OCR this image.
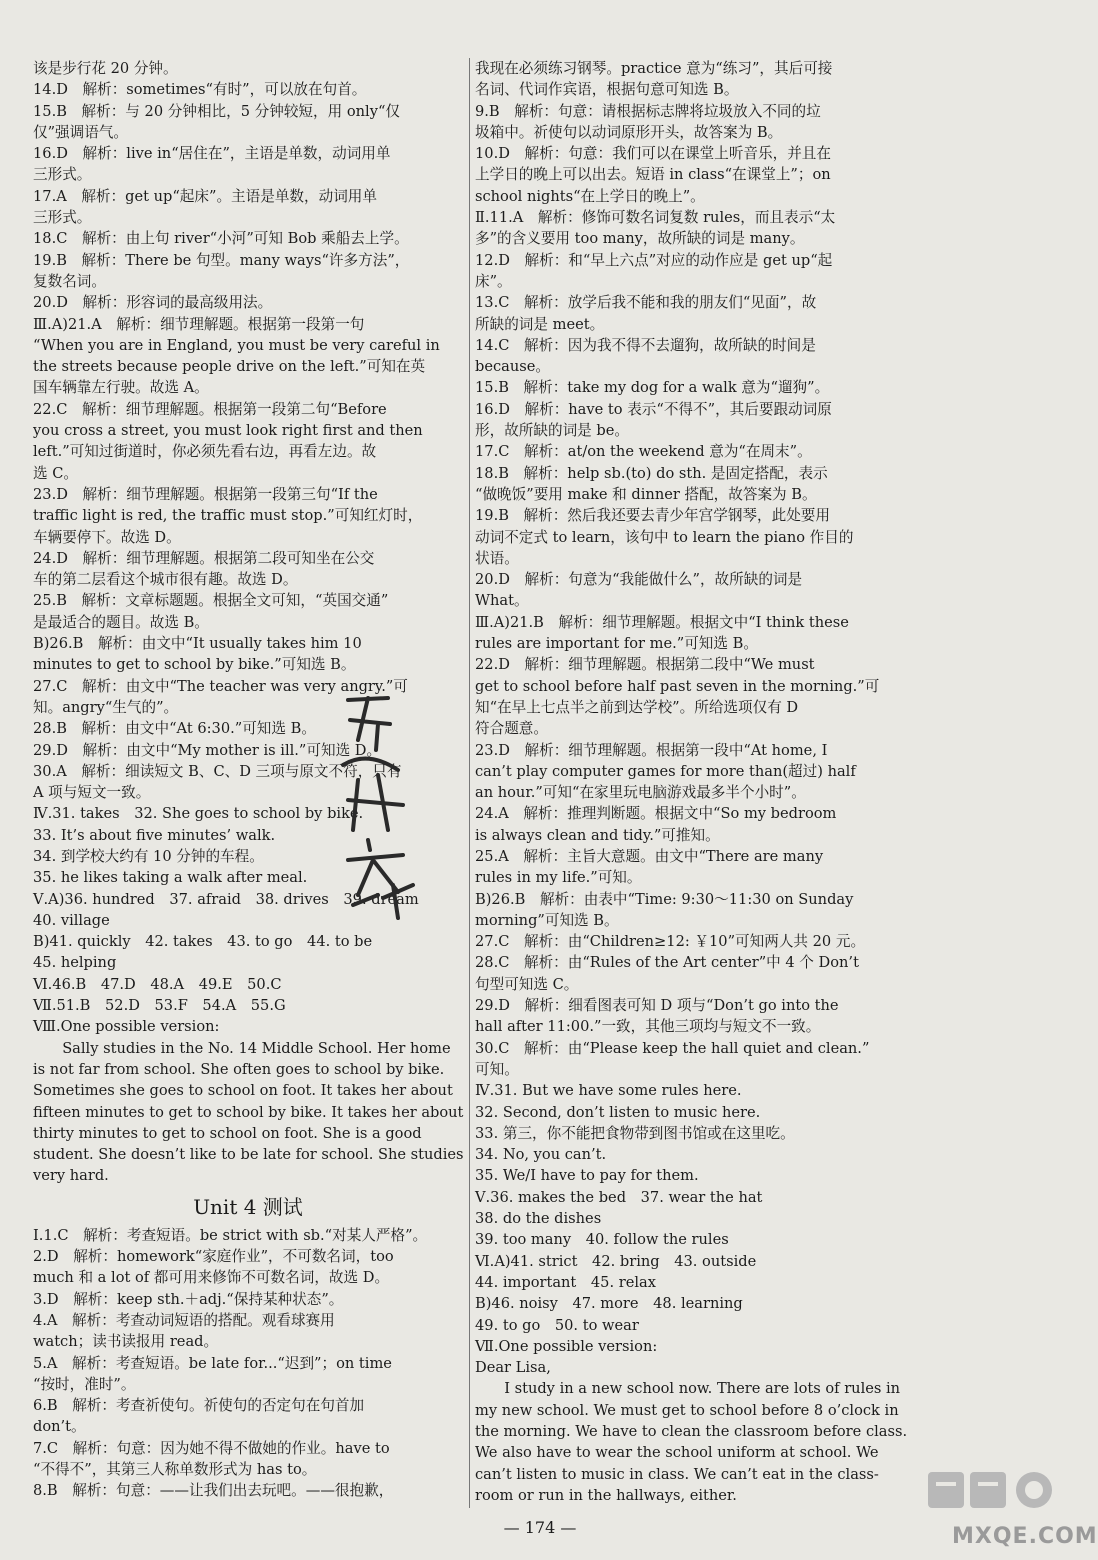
该是步行花 20 分钟。
14.D　解析：sometimes“有时”，可以放在句首。
15.B　解析：与 20 分钟相比，5 分钟较短，用 only“仅
仅”强调语气。
16.D　解析：live in“居住在”，主语是单数，动词用单
三形式。
17.A　解析：get up“起床”。主语是单数，动词用单
三形式。
18.C　解析：由上句 river“小河”可知 Bob 乘船去上学。
19.B　解析：There be 句型。many ways“许多方法”，
复数名词。
20.D　解析：形容词的最高级用法。
Ⅲ.A)21.A　解析：细节理解题。根据第一段第一句
“When you are in England, you must be very careful in
the streets because people drive on the left.”可知在英
国车辆靠左行驶。故选 A。
22.C　解析：细节理解题。根据第一段第二句“Before
you cross a street, you must look right first and then
left.”可知过街道时，你必须先看右边，再看左边。故
选 C。
23.D　解析：细节理解题。根据第一段第三句“If the
traffic light is red, the traffic must stop.”可知红灯时，
车辆要停下。故选 D。
24.D　解析：细节理解题。根据第二段可知坐在公交
车的第二层看这个城市很有趣。故选 D。
25.B　解析：文章标题题。根据全文可知，“英国交通”
是最适合的题目。故选 B。
B)26.B　解析：由文中“It usually takes him 10
minutes to get to school by bike.”可知选 B。
27.C　解析：由文中“The teacher was very angry.”可
知。angry“生气的”。
28.B　解析：由文中“At 6:30.”可知选 B。
29.D　解析：由文中“My mother is ill.”可知选 D。
30.A　解析：细读短文 B、C、D 三项与原文不符，只有
A 项与短文一致。
Ⅳ.31. takes　32. She goes to school by bike.
33. It’s about five minutes’ walk.
34. 到学校大约有 10 分钟的车程。
35. he likes taking a walk after meal.
Ⅴ.A)36. hundred　37. afraid　38. drives　39. dream
40. village
B)41. quickly　42. takes　43. to go　44. to be
45. helping
Ⅵ.46.B　47.D　48.A　49.E　50.C
Ⅶ.51.B　52.D　53.F　54.A　55.G
Ⅷ.One possible version:
Sally studies in the No. 14 Middle School. Her home
is not far from school. She often goes to school by bike.
Sometimes she goes to school on foot. It takes her about
fifteen minutes to get to school by bike. It takes her about
thirty minutes to get to school on foot. She is a good
student. She doesn’t like to be late for school. She studies
very hard.
Unit 4 测试
Ⅰ.1.C　解析：考查短语。be strict with sb.“对某人严格”。
2.D　解析：homework“家庭作业”，不可数名词，too
much 和 a lot of 都可用来修饰不可数名词，故选 D。
3.D　解析：keep sth.＋adj.“保持某种状态”。
4.A　解析：考查动词短语的搭配。观看球赛用
watch；读书读报用 read。
5.A　解析：考查短语。be late for...“迟到”；on time
“按时，准时”。
6.B　解析：考查祈使句。祈使句的否定句在句首加
don’t。
7.C　解析：句意：因为她不得不做她的作业。have to
“不得不”，其第三人称单数形式为 has to。
8.B　解析：句意：——让我们出去玩吧。——很抱歉，
我现在必须练习钢琴。practice 意为“练习”，其后可接
名词、代词作宾语，根据句意可知选 B。
9.B　解析：句意：请根据标志牌将垃圾放入不同的垃
圾箱中。祈使句以动词原形开头，故答案为 B。
10.D　解析：句意：我们可以在课堂上听音乐，并且在
上学日的晚上可以出去。短语 in class“在课堂上”；on
school nights“在上学日的晚上”。
Ⅱ.11.A　解析：修饰可数名词复数 rules，而且表示“太
多”的含义要用 too many，故所缺的词是 many。
12.D　解析：和“早上六点”对应的动作应是 get up“起
床”。
13.C　解析：放学后我不能和我的朋友们“见面”，故
所缺的词是 meet。
14.C　解析：因为我不得不去遛狗，故所缺的时间是
because。
15.B　解析：take my dog for a walk 意为“遛狗”。
16.D　解析：have to 表示“不得不”，其后要跟动词原
形，故所缺的词是 be。
17.C　解析：at/on the weekend 意为“在周末”。
18.B　解析：help sb.(to) do sth. 是固定搭配，表示
“做晚饭”要用 make 和 dinner 搭配，故答案为 B。
19.B　解析：然后我还要去青少年宫学钢琴，此处要用
动词不定式 to learn，该句中 to learn the piano 作目的
状语。
20.D　解析：句意为“我能做什么”，故所缺的词是
What。
Ⅲ.A)21.B　解析：细节理解题。根据文中“I think these
rules are important for me.”可知选 B。
22.D　解析：细节理解题。根据第二段中“We must
get to school before half past seven in the morning.”可
知“在早上七点半之前到达学校”。所给选项仅有 D
符合题意。
23.D　解析：细节理解题。根据第一段中“At home, I
can’t play computer games for more than(超过) half
an hour.”可知“在家里玩电脑游戏最多半个小时”。
24.A　解析：推理判断题。根据文中“So my bedroom
is always clean and tidy.”可推知。
25.A　解析：主旨大意题。由文中“There are many
rules in my life.”可知。
B)26.B　解析：由表中“Time: 9:30～11:30 on Sunday
morning”可知选 B。
27.C　解析：由“Children≥12: ￥10”可知两人共 20 元。
28.C　解析：由“Rules of the Art center”中 4 个 Don’t
句型可知选 C。
29.D　解析：细看图表可知 D 项与“Don’t go into the
hall after 11:00.”一致，其他三项均与短文不一致。
30.C　解析：由“Please keep the hall quiet and clean.”
可知。
Ⅳ.31. But we have some rules here.
32. Second, don’t listen to music here.
33. 第三，你不能把食物带到图书馆或在这里吃。
34. No, you can’t.
35. We/I have to pay for them.
Ⅴ.36. makes the bed　37. wear the hat
38. do the dishes
39. too many　40. follow the rules
Ⅵ.A)41. strict　42. bring　43. outside
44. important　45. relax
B)46. noisy　47. more　48. learning
49. to go　50. to wear
Ⅶ.One possible version:
Dear Lisa,
I study in a new school now. There are lots of rules in
my new school. We must get to school before 8 o’clock in
the morning. We have to clean the classroom before class.
We also have to wear the school uniform at school. We
can’t listen to music in class. We can’t eat in the class-
room or run in the hallways, either.
MXQE.COM
— 174 —
